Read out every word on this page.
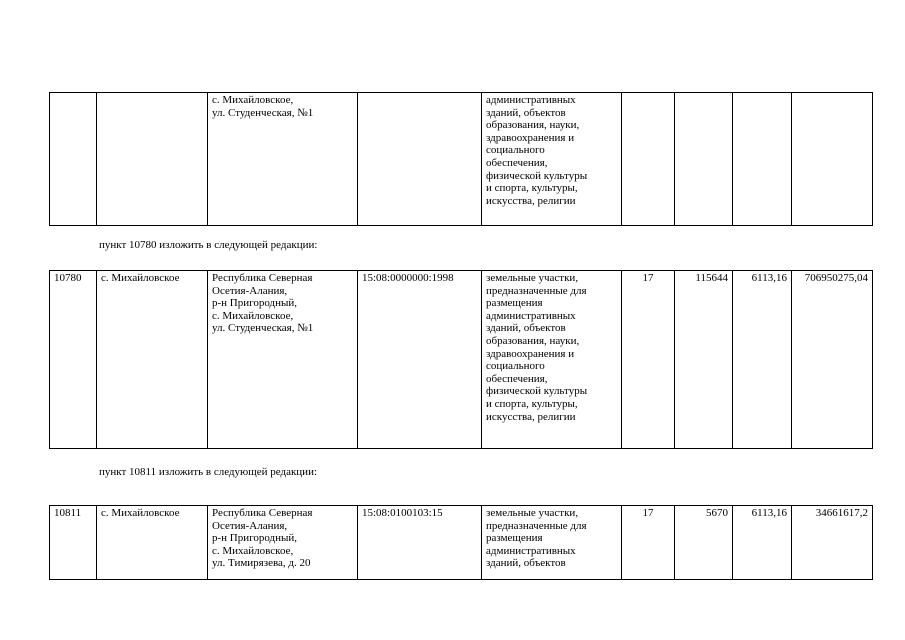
		с. Михайловское,
ул. Студенческая, №1		административных
зданий, объектов
образования, науки,
здравоохранения и
социального
обеспечения,
физической культуры
и спорта, культуры,
искусства, религии				
пункт 10780 изложить в следующей редакции:
10780	с. Михайловское	Республика Северная
Осетия-Алания,
р-н Пригородный,
с. Михайловское,
ул. Студенческая, №1	15:08:0000000:1998	земельные участки,
предназначенные для
размещения
административных
зданий, объектов
образования, науки,
здравоохранения и
социального
обеспечения,
физической культуры
и спорта, культуры,
искусства, религии	17	115644	6113,16	706950275,04
пункт 10811 изложить в следующей редакции:
10811	с. Михайловское	Республика Северная
Осетия-Алания,
р-н Пригородный,
с. Михайловское,
ул. Тимирязева, д. 20	15:08:0100103:15	земельные участки,
предназначенные для
размещения
административных
зданий, объектов	17	5670	6113,16	34661617,2
